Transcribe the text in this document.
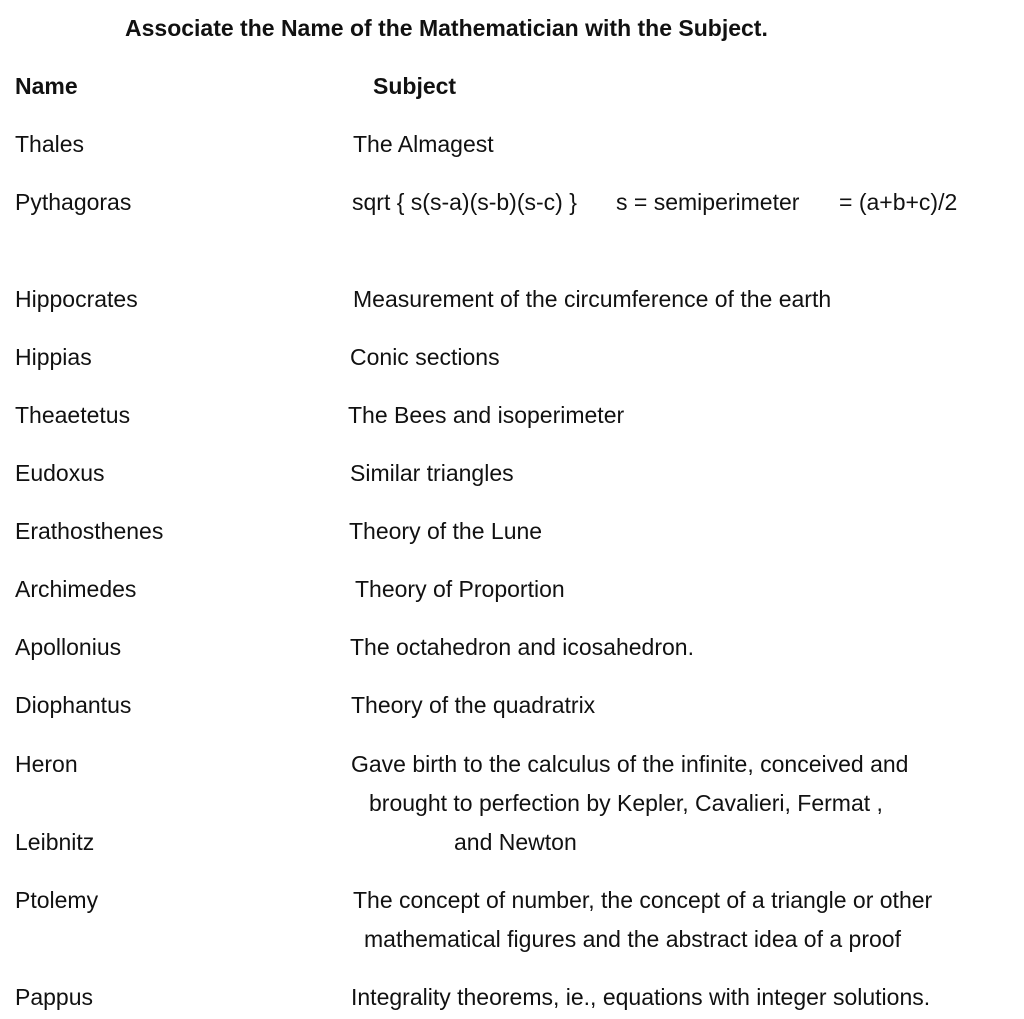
Associate the Name of the Mathematician with the Subject.
Name	Subject
Thales
Pythagoras
Hippocrates
Hippias
Theaetetus
Eudoxus
Erathosthenes
Archimedes
Apollonius
Diophantus
Heron
Leibnitz
Ptolemy
Pappus
The Almagest
sqrt { s(s-a)(s-b)(s-c) } s = semiperimeter = (a+b+c)/2
Measurement of the circumference of the earth
Conic sections
The Bees and isoperimeter
Similar triangles
Theory of the Lune
Theory of Proportion
The octahedron and icosahedron.
Theory of the quadratrix
Gave birth to the calculus of the infinite, conceived and
brought to perfection by Kepler, Cavalieri, Fermat ,
and Newton
The concept of number, the concept of a triangle or other
mathematical figures and the abstract idea of a proof
Integrality theorems, ie., equations with integer solutions.
